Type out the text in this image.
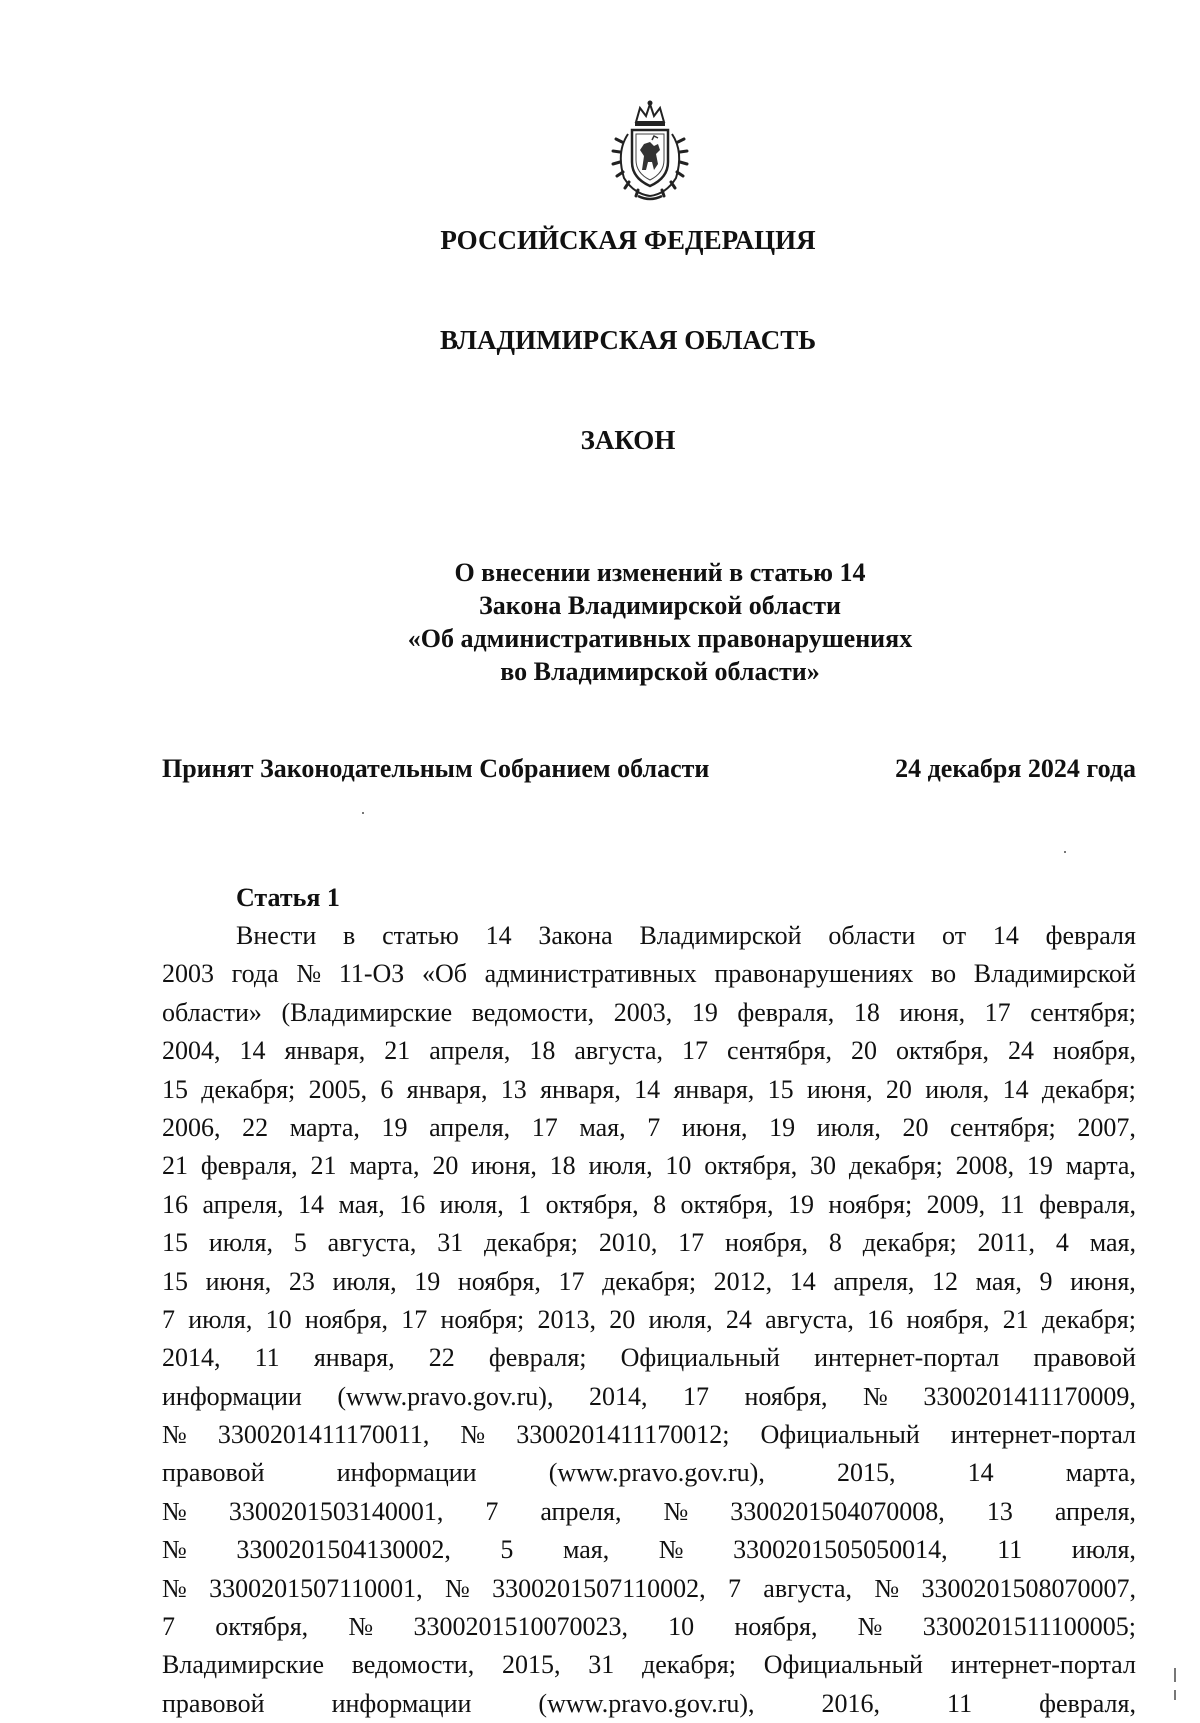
РОССИЙСКАЯ ФЕДЕРАЦИЯ
ВЛАДИМИРСКАЯ ОБЛАСТЬ
ЗАКОН
О внесении изменений в статью 14
Закона Владимирской области
«Об административных правонарушениях
во Владимирской области»
Принят Законодательным Собранием области	24 декабря 2024 года
Статья 1
Внести в статью 14 Закона Владимирской области от 14 февраля
2003 года № 11-ОЗ «Об административных правонарушениях во Владимирской
области» (Владимирские ведомости, 2003, 19 февраля, 18 июня, 17 сентября;
2004, 14 января, 21 апреля, 18 августа, 17 сентября, 20 октября, 24 ноября,
15 декабря; 2005, 6 января, 13 января, 14 января, 15 июня, 20 июля, 14 декабря;
2006, 22 марта, 19 апреля, 17 мая, 7 июня, 19 июля, 20 сентября; 2007,
21 февраля, 21 марта, 20 июня, 18 июля, 10 октября, 30 декабря; 2008, 19 марта,
16 апреля, 14 мая, 16 июля, 1 октября, 8 октября, 19 ноября; 2009, 11 февраля,
15 июля, 5 августа, 31 декабря; 2010, 17 ноября, 8 декабря; 2011, 4 мая,
15 июня, 23 июля, 19 ноября, 17 декабря; 2012, 14 апреля, 12 мая, 9 июня,
7 июля, 10 ноября, 17 ноября; 2013, 20 июля, 24 августа, 16 ноября, 21 декабря;
2014, 11 января, 22 февраля; Официальный интернет-портал правовой
информации (www.pravo.gov.ru), 2014, 17 ноября, № 3300201411170009,
№ 3300201411170011, № 3300201411170012; Официальный интернет-портал
правовой	информации	(www.pravo.gov.ru),	2015,	14	марта,
№ 3300201503140001, 7 апреля, № 3300201504070008, 13 апреля,
№ 3300201504130002, 5 мая, № 3300201505050014, 11 июля,
№ 3300201507110001, № 3300201507110002, 7 августа, № 3300201508070007,
7 октября, № 3300201510070023, 10 ноября, № 3300201511100005;
Владимирские ведомости, 2015, 31 декабря; Официальный интернет-портал
правовой	информации	(www.pravo.gov.ru),	2016,	11	февраля,
